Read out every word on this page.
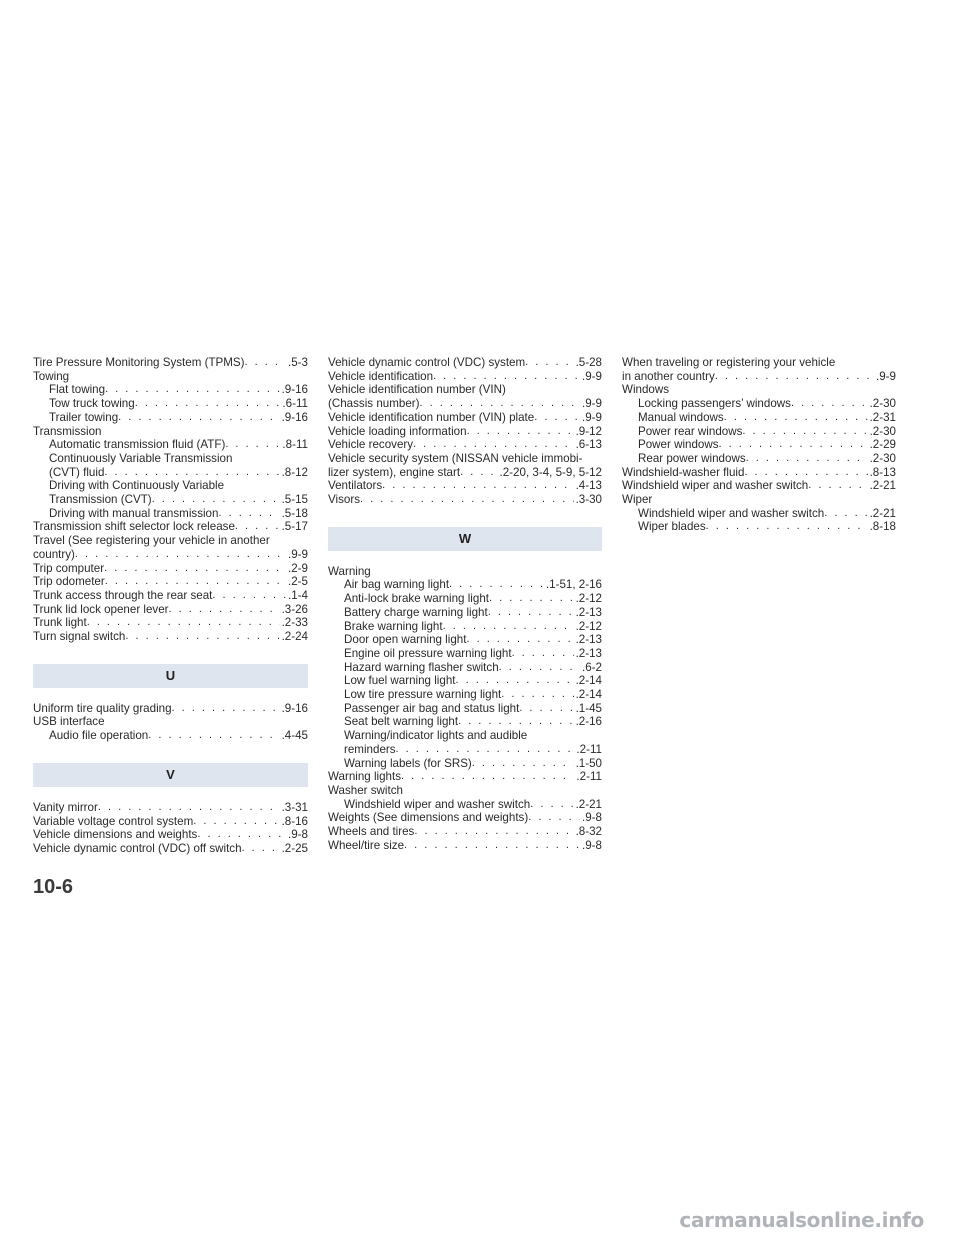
Tire Pressure Monitoring System (TPMS) . . .	.5-3
Towing
Flat towing . . .	.9-16
Tow truck towing . . .	.6-11
Trailer towing . . .	.9-16
Transmission
Automatic transmission fluid (ATF) . . .	.8-11
Continuously Variable Transmission
(CVT) fluid . . .	.8-12
Driving with Continuously Variable
Transmission (CVT) . . .	.5-15
Driving with manual transmission . . .	.5-18
Transmission shift selector lock release . . .	.5-17
Travel (See registering your vehicle in another
country) . . .	.9-9
Trip computer . . .	.2-9
Trip odometer . . .	.2-5
Trunk access through the rear seat . . .	.1-4
Trunk lid lock opener lever . . .	.3-26
Trunk light . . .	.2-33
Turn signal switch . . .	.2-24
U
Uniform tire quality grading . . .	.9-16
USB interface
Audio file operation . . .	.4-45
V
Vanity mirror . . .	.3-31
Variable voltage control system . . .	.8-16
Vehicle dimensions and weights . . .	.9-8
Vehicle dynamic control (VDC) off switch . . .	.2-25
Vehicle dynamic control (VDC) system . . .	.5-28
Vehicle identification . . .	.9-9
Vehicle identification number (VIN)
(Chassis number) . . .	.9-9
Vehicle identification number (VIN) plate . . .	.9-9
Vehicle loading information . . .	.9-12
Vehicle recovery . . .	.6-13
Vehicle security system (NISSAN vehicle immobi-
lizer system), engine start . . .	.2-20, 3-4, 5-9, 5-12
Ventilators . . .	.4-13
Visors . . .	.3-30
W
Warning
Air bag warning light . . .	.1-51, 2-16
Anti-lock brake warning light . . .	.2-12
Battery charge warning light . . .	.2-13
Brake warning light . . .	.2-12
Door open warning light . . .	.2-13
Engine oil pressure warning light . . .	.2-13
Hazard warning flasher switch . . .	.6-2
Low fuel warning light . . .	.2-14
Low tire pressure warning light . . .	.2-14
Passenger air bag and status light . . .	.1-45
Seat belt warning light . . .	.2-16
Warning/indicator lights and audible
reminders . . .	.2-11
Warning labels (for SRS) . . .	.1-50
Warning lights . . .	.2-11
Washer switch
Windshield wiper and washer switch . . .	.2-21
Weights (See dimensions and weights) . . .	.9-8
Wheels and tires . . .	.8-32
Wheel/tire size . . .	.9-8
When traveling or registering your vehicle
in another country . . .	.9-9
Windows
Locking passengers’ windows . . .	.2-30
Manual windows . . .	.2-31
Power rear windows . . .	.2-30
Power windows . . .	.2-29
Rear power windows . . .	.2-30
Windshield-washer fluid . . .	.8-13
Windshield wiper and washer switch . . .	.2-21
Wiper
Windshield wiper and washer switch . . .	.2-21
Wiper blades . . .	.8-18
10-6
carmanualsonline.info
